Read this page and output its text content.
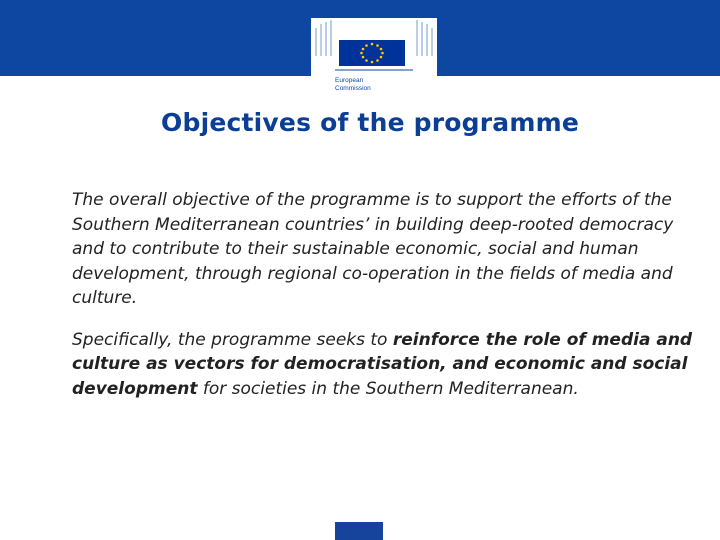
European
Commission
Objectives of the programme

The overall objective of the programme is to support the efforts of the Southern Mediterranean countries’ in building deep-rooted democracy and to contribute to their sustainable economic, social and human development, through regional co-operation in the fields of media and culture.

Specifically, the programme seeks to reinforce the role of media and culture as vectors for democratisation, and economic and social development for societies in the Southern Mediterranean.
